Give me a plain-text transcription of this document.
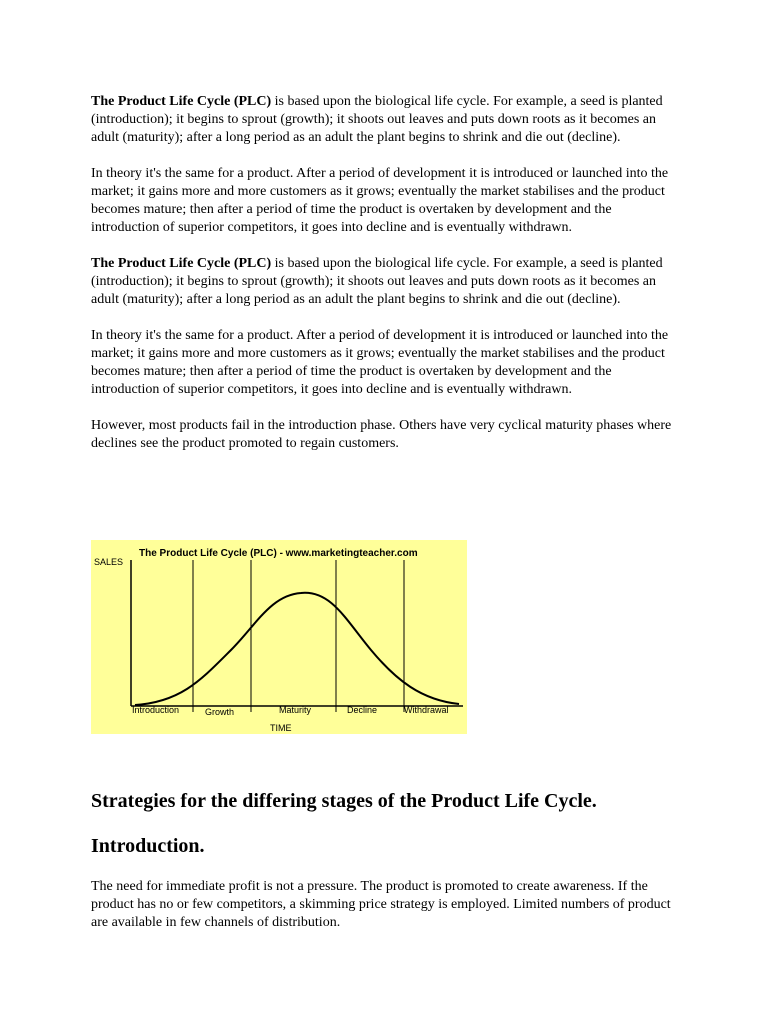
The Product Life Cycle (PLC) is based upon the biological life cycle. For example, a seed is planted (introduction); it begins to sprout (growth); it shoots out leaves and puts down roots as it becomes an adult (maturity); after a long period as an adult the plant begins to shrink and die out (decline).

In theory it's the same for a product. After a period of development it is introduced or launched into the market; it gains more and more customers as it grows; eventually the market stabilises and the product becomes mature; then after a period of time the product is overtaken by development and the introduction of superior competitors, it goes into decline and is eventually withdrawn.

The Product Life Cycle (PLC) is based upon the biological life cycle. For example, a seed is planted (introduction); it begins to sprout (growth); it shoots out leaves and puts down roots as it becomes an adult (maturity); after a long period as an adult the plant begins to shrink and die out (decline).

In theory it's the same for a product. After a period of development it is introduced or launched into the market; it gains more and more customers as it grows; eventually the market stabilises and the product becomes mature; then after a period of time the product is overtaken by development and the introduction of superior competitors, it goes into decline and is eventually withdrawn.

However, most products fail in the introduction phase. Others have very cyclical maturity phases where declines see the product promoted to regain customers.

The Product Life Cycle (PLC) - www.marketingteacher.com
SALES
Introduction	Growth	Maturity	Decline	Withdrawal
TIME
Strategies for the differing stages of the Product Life Cycle.
Introduction.

The need for immediate profit is not a pressure. The product is promoted to create awareness. If the product has no or few competitors, a skimming price strategy is employed. Limited numbers of product are available in few channels of distribution.
